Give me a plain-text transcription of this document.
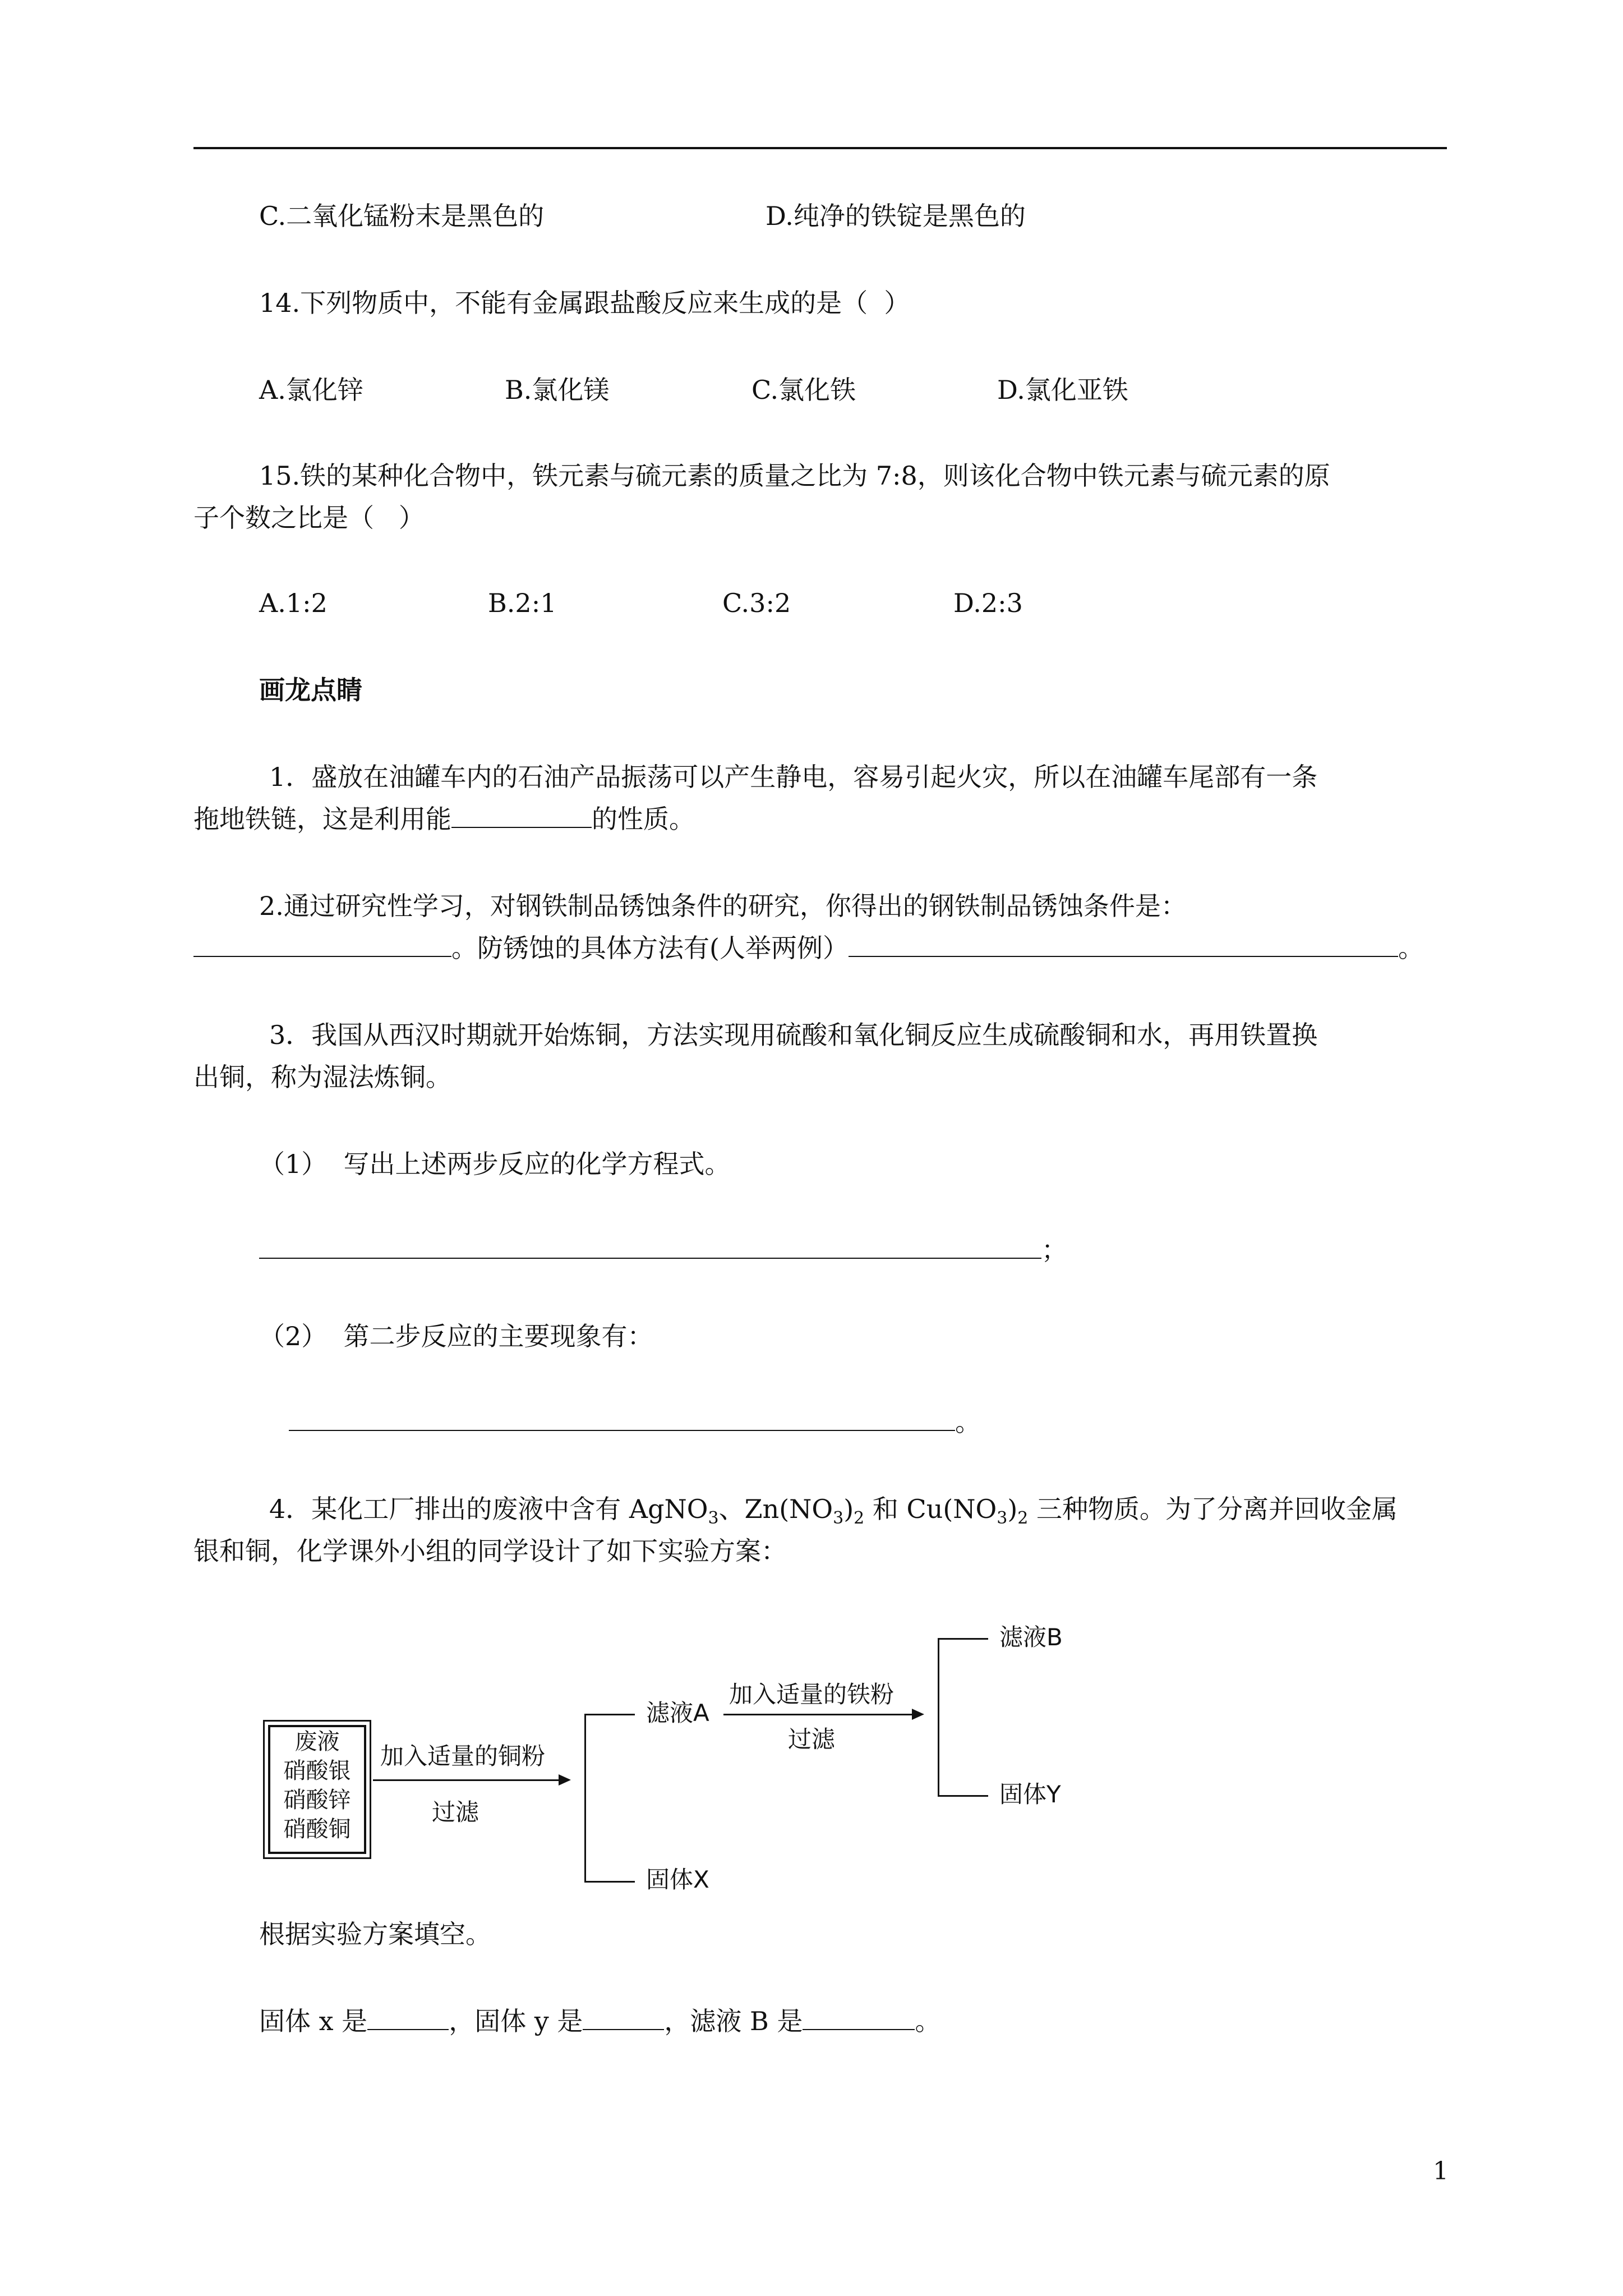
C.二氧化锰粉末是黑色的	D.纯净的铁锭是黑色的
14.下列物质中，不能有金属跟盐酸反应来生成的是（  ）
A.氯化锌	B.氯化镁	C.氯化铁	D.氯化亚铁
15.铁的某种化合物中，铁元素与硫元素的质量之比为 7:8，则该化合物中铁元素与硫元素的原
子个数之比是（   ）
A.1:2	B.2:1	C.3:2	D.2:3
画龙点睛
1．盛放在油罐车内的石油产品振荡可以产生静电，容易引起火灾，所以在油罐车尾部有一条
拖地铁链，这是利用能	的性质。
2.通过研究性学习，对钢铁制品锈蚀条件的研究，你得出的钢铁制品锈蚀条件是：
。防锈蚀的具体方法有(人举两例）	。
3．我国从西汉时期就开始炼铜，方法实现用硫酸和氧化铜反应生成硫酸铜和水，再用铁置换
出铜，称为湿法炼铜。
（1）  写出上述两步反应的化学方程式。
；
（2）  第二步反应的主要现象有：
。
4．某化工厂排出的废液中含有 AgNO$_3$、$Zn(NO_3)_2$ 和 $Cu(NO_3)_2$ 三种物质。为了分离并回收金属
银和铜，化学课外小组的同学设计了如下实验方案：
废液
硝酸银
硝酸锌
硝酸铜
加入适量的铜粉
过滤
滤液A
固体X
加入适量的铁粉
过滤
滤液B
固体Y
根据实验方案填空。
固体 x 是	，固体 y 是	，滤液 B 是	。
1
